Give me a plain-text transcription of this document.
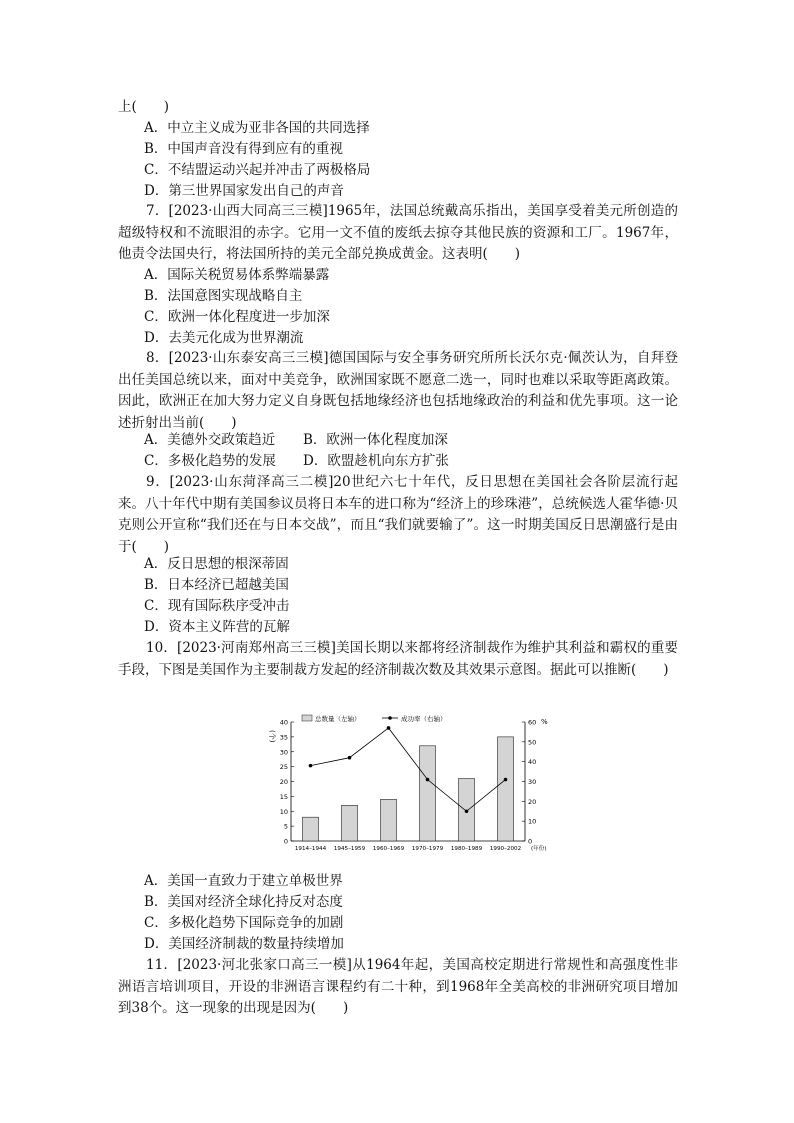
上(　　)
A．中立主义成为亚非各国的共同选择
B．中国声音没有得到应有的重视
C．不结盟运动兴起并冲击了两极格局
D．第三世界国家发出自己的声音
7．[2023·山西大同高三三模]1965年，法国总统戴高乐指出，美国享受着美元所创造的超级特权和不流眼泪的赤字。它用一文不值的废纸去掠夺其他民族的资源和工厂。1967年，他责令法国央行，将法国所持的美元全部兑换成黄金。这表明(　　)
A．国际关税贸易体系弊端暴露
B．法国意图实现战略自主
C．欧洲一体化程度进一步加深
D．去美元化成为世界潮流
8．[2023·山东泰安高三三模]德国国际与安全事务研究所所长沃尔克·佩茨认为，自拜登出任美国总统以来，面对中美竞争，欧洲国家既不愿意二选一，同时也难以采取等距离政策。因此，欧洲正在加大努力定义自身既包括地缘经济也包括地缘政治的利益和优先事项。这一论述折射出当前(　　)
A．美德外交政策趋近 B．欧洲一体化程度加深
C．多极化趋势的发展 D．欧盟趁机向东方扩张
9．[2023·山东菏泽高三二模]20世纪六七十年代，反日思想在美国社会各阶层流行起来。八十年代中期有美国参议员将日本车的进口称为“经济上的珍珠港”，总统候选人霍华德·贝克则公开宣称“我们还在与日本交战”，而且“我们就要输了”。这一时期美国反日思潮盛行是由于(　　)
A．反日思想的根深蒂固
B．日本经济已超越美国
C．现有国际秩序受冲击
D．资本主义阵营的瓦解
10．[2023·河南郑州高三三模]美国长期以来都将经济制裁作为维护其利益和霸权的重要手段，下图是美国作为主要制裁方发起的经济制裁次数及其效果示意图。据此可以推断(　　)
0
5
10
15
20
25
30
35
40
0
10
20
30
40
50
60
(个)
%
1914–1944 1945–1959 1960–1969 1970–1979 1980–1989 1990–2002 (年份)
总数量（左轴）	成功率（右轴）
A．美国一直致力于建立单极世界
B．美国对经济全球化持反对态度
C．多极化趋势下国际竞争的加剧
D．美国经济制裁的数量持续增加
11．[2023·河北张家口高三一模]从1964年起，美国高校定期进行常规性和高强度性非洲语言培训项目，开设的非洲语言课程约有二十种，到1968年全美高校的非洲研究项目增加到38个。这一现象的出现是因为(　　)
